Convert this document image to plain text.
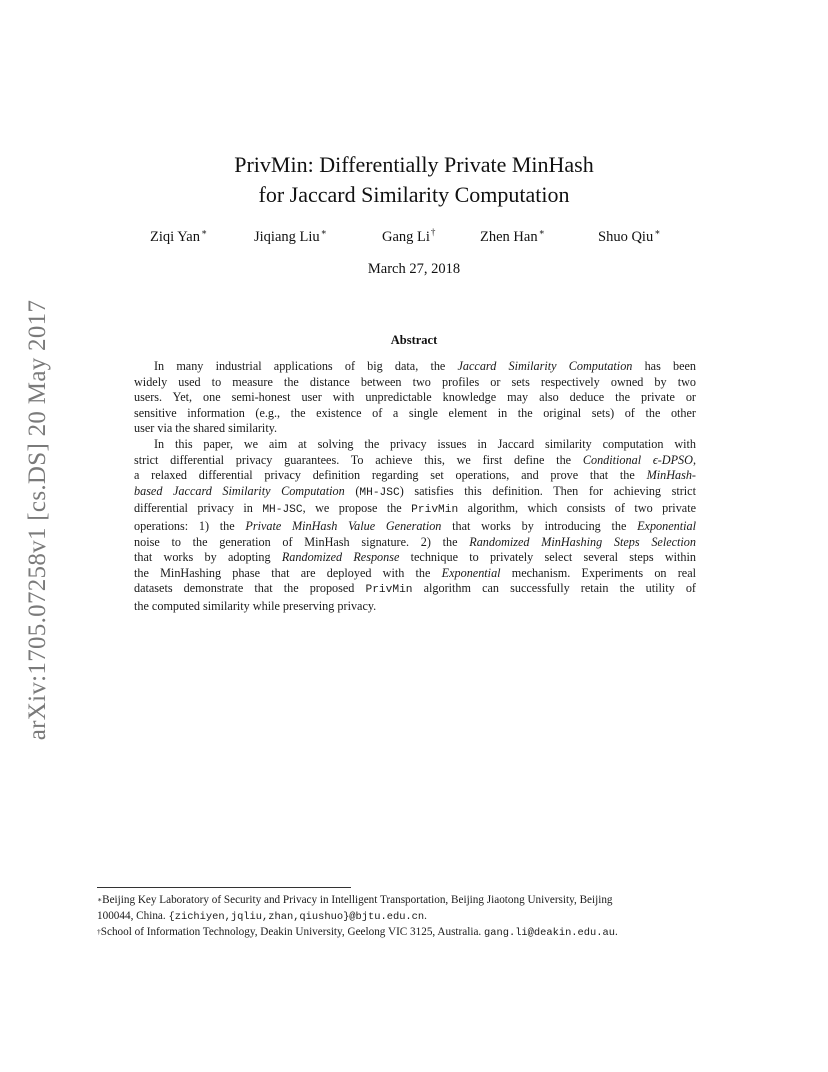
arXiv:1705.07258v1 [cs.DS] 20 May 2017
PrivMin: Differentially Private MinHash
for Jaccard Similarity Computation
Ziqi Yan∗	Jiqiang Liu∗	Gang Li†	Zhen Han∗	Shuo Qiu∗
March 27, 2018
Abstract
In many industrial applications of big data, the Jaccard Similarity Computation has been
widely used to measure the distance between two profiles or sets respectively owned by two
users. Yet, one semi-honest user with unpredictable knowledge may also deduce the private or
sensitive information (e.g., the existence of a single element in the original sets) of the other
user via the shared similarity.
In this paper, we aim at solving the privacy issues in Jaccard similarity computation with
strict differential privacy guarantees. To achieve this, we first define the Conditional ϵ-DPSO,
a relaxed differential privacy definition regarding set operations, and prove that the MinHash-
based Jaccard Similarity Computation (MH-JSC) satisfies this definition. Then for achieving strict
differential privacy in MH-JSC, we propose the PrivMin algorithm, which consists of two private
operations: 1) the Private MinHash Value Generation that works by introducing the Exponential
noise to the generation of MinHash signature. 2) the Randomized MinHashing Steps Selection
that works by adopting Randomized Response technique to privately select several steps within
the MinHashing phase that are deployed with the Exponential mechanism. Experiments on real
datasets demonstrate that the proposed PrivMin algorithm can successfully retain the utility of
the computed similarity while preserving privacy.
∗Beijing Key Laboratory of Security and Privacy in Intelligent Transportation, Beijing Jiaotong University, Beijing
100044, China. {zichiyen,jqliu,zhan,qiushuo}@bjtu.edu.cn.
†School of Information Technology, Deakin University, Geelong VIC 3125, Australia. gang.li@deakin.edu.au.
